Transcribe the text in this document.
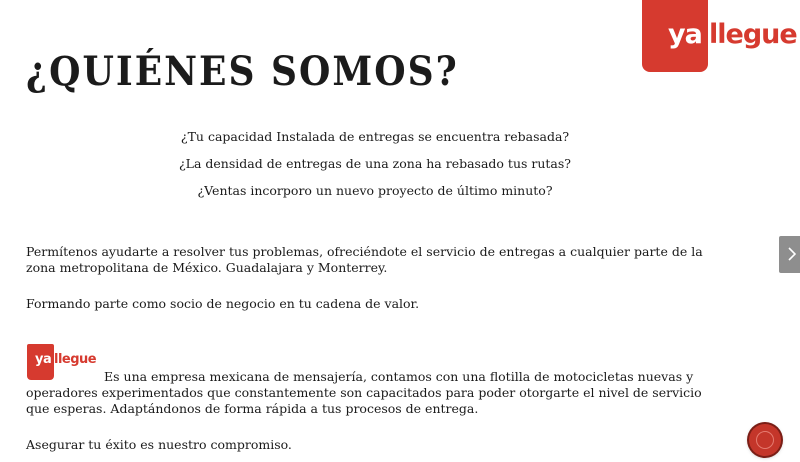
¿QUIÉNES SOMOS?
ya llegue
¿Tu capacidad Instalada de entregas se encuentra rebasada?
¿La densidad de entregas de una zona ha rebasado tus rutas?
¿Ventas incorporo un nuevo proyecto de último minuto?

Permítenos ayudarte a resolver tus problemas, ofreciéndote el servicio de entregas a cualquier parte de la zona metropolitana de México. Guadalajara y Monterrey.

Formando parte como socio de negocio en tu cadena de valor.

ya llegue

Es una empresa mexicana de mensajería, contamos con una flotilla de motocicletas nuevas y operadores experimentados que constantemente son capacitados para poder otorgarte el nivel de servicio que esperas. Adaptándonos de forma rápida a tus procesos de entrega.

Asegurar tu éxito es nuestro compromiso.
